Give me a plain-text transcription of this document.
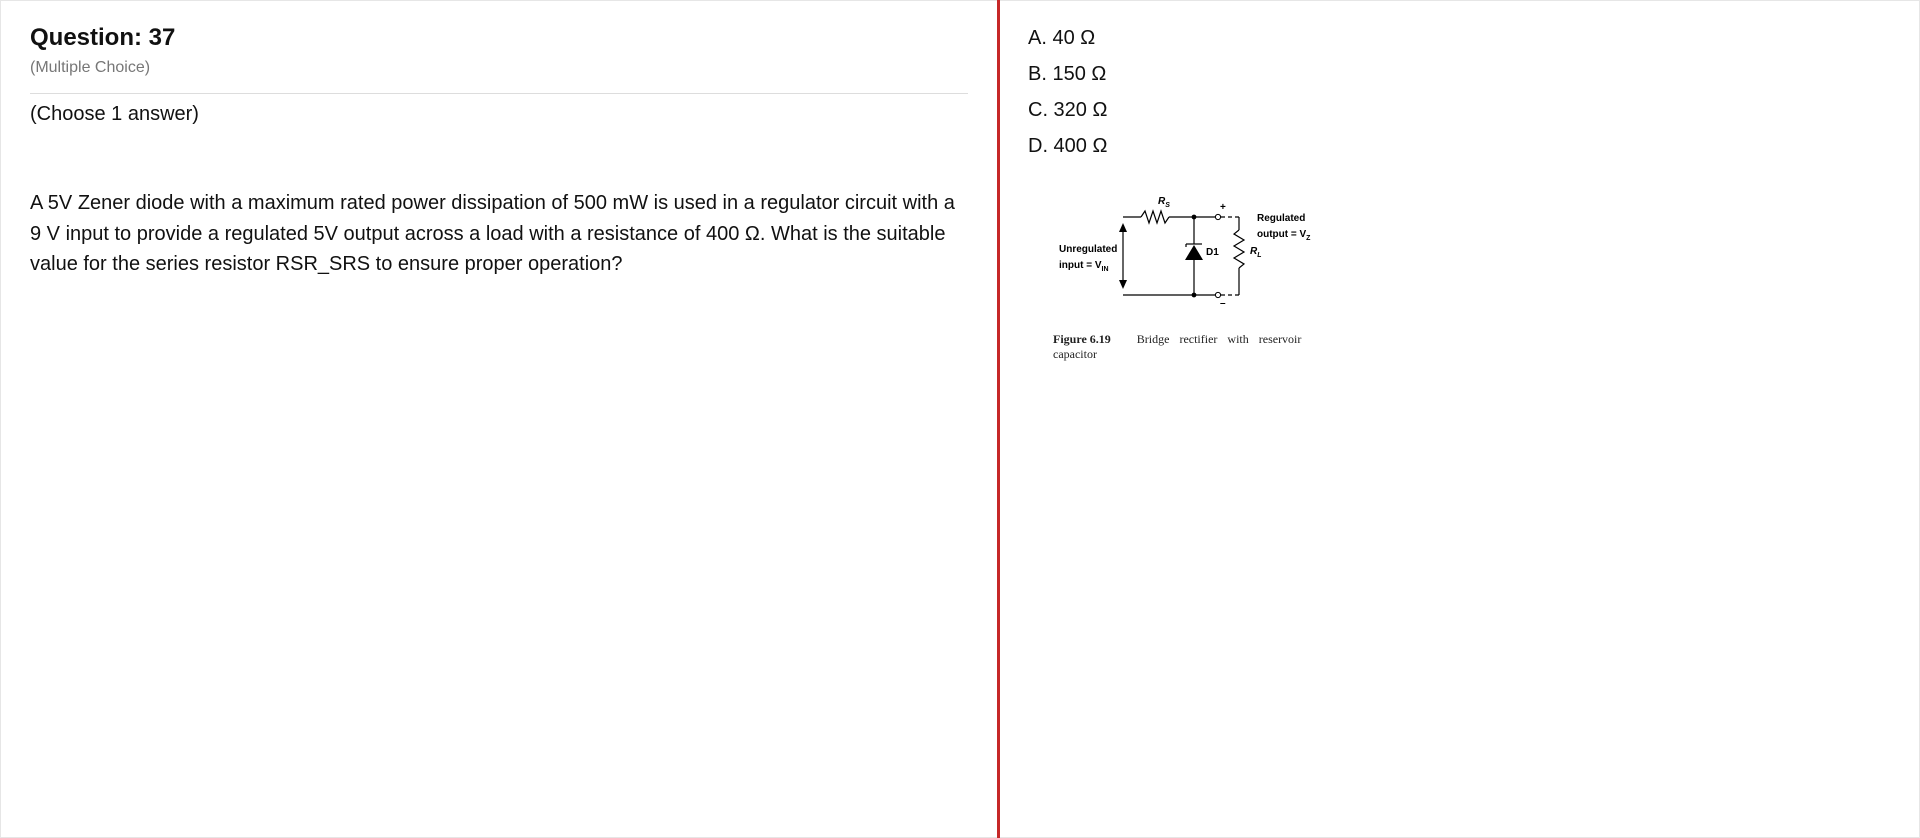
Question: 37
(Multiple Choice)
(Choose 1 answer)
A 5V Zener diode with a maximum rated power dissipation of 500 mW is used in a regulator circuit with a 9 V input to provide a regulated 5V output across a load with a resistance of 400 Ω. What is the suitable value for the series resistor RSR_SRS to ensure proper operation?
A. 40 Ω
B. 150 Ω
C. 320 Ω
D. 400 Ω
$R_S$	+
–
D1	$R_L$
Unregulated
input = $V_{IN}$
Regulated
output = $V_Z$
Figure 6.19 Bridge rectifier with reservoir capacitor
